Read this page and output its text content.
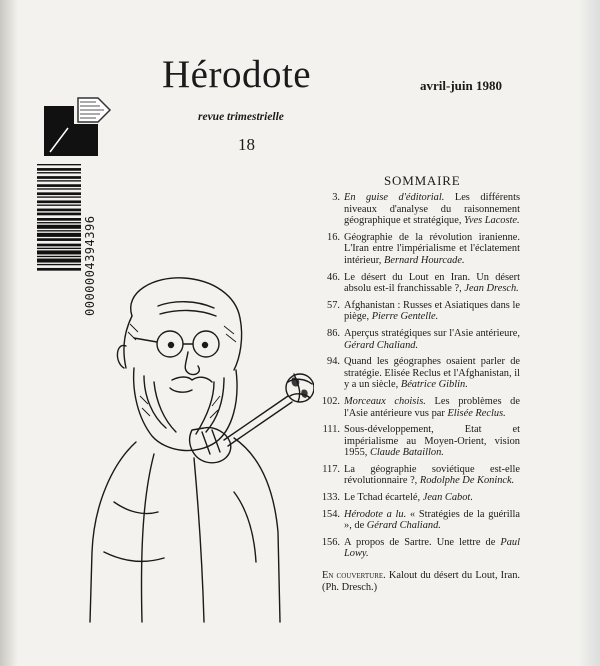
Hérodote	avril-juin 1980
revue trimestrielle
18
0000004394396
SOMMAIRE
3. En guise d'éditorial. Les différents niveaux d'analyse du raisonnement géographique et stratégique, Yves Lacoste.
16. Géographie de la révolution iranienne. L'Iran entre l'impérialisme et l'éclatement intérieur, Bernard Hourcade.
46. Le désert du Lout en Iran. Un désert absolu est-il franchissable ?, Jean Dresch.
57. Afghanistan : Russes et Asiatiques dans le piège, Pierre Gentelle.
86. Aperçus stratégiques sur l'Asie antérieure, Gérard Chaliand.
94. Quand les géographes osaient parler de stratégie. Elisée Reclus et l'Afghanistan, il y a un siècle, Béatrice Giblin.
102. Morceaux choisis. Les problèmes de l'Asie antérieure vus par Elisée Reclus.
111. Sous-développement, Etat et impérialisme au Moyen-Orient, vision 1955, Claude Bataillon.
117. La géographie soviétique est-elle révolutionnaire ?, Rodolphe De Koninck.
133. Le Tchad écartelé, Jean Cabot.
154. Hérodote a lu. « Stratégies de la guérilla », de Gérard Chaliand.
156. A propos de Sartre. Une lettre de Paul Lowy.
En couverture. Kalout du désert du Lout, Iran. (Ph. Dresch.)
